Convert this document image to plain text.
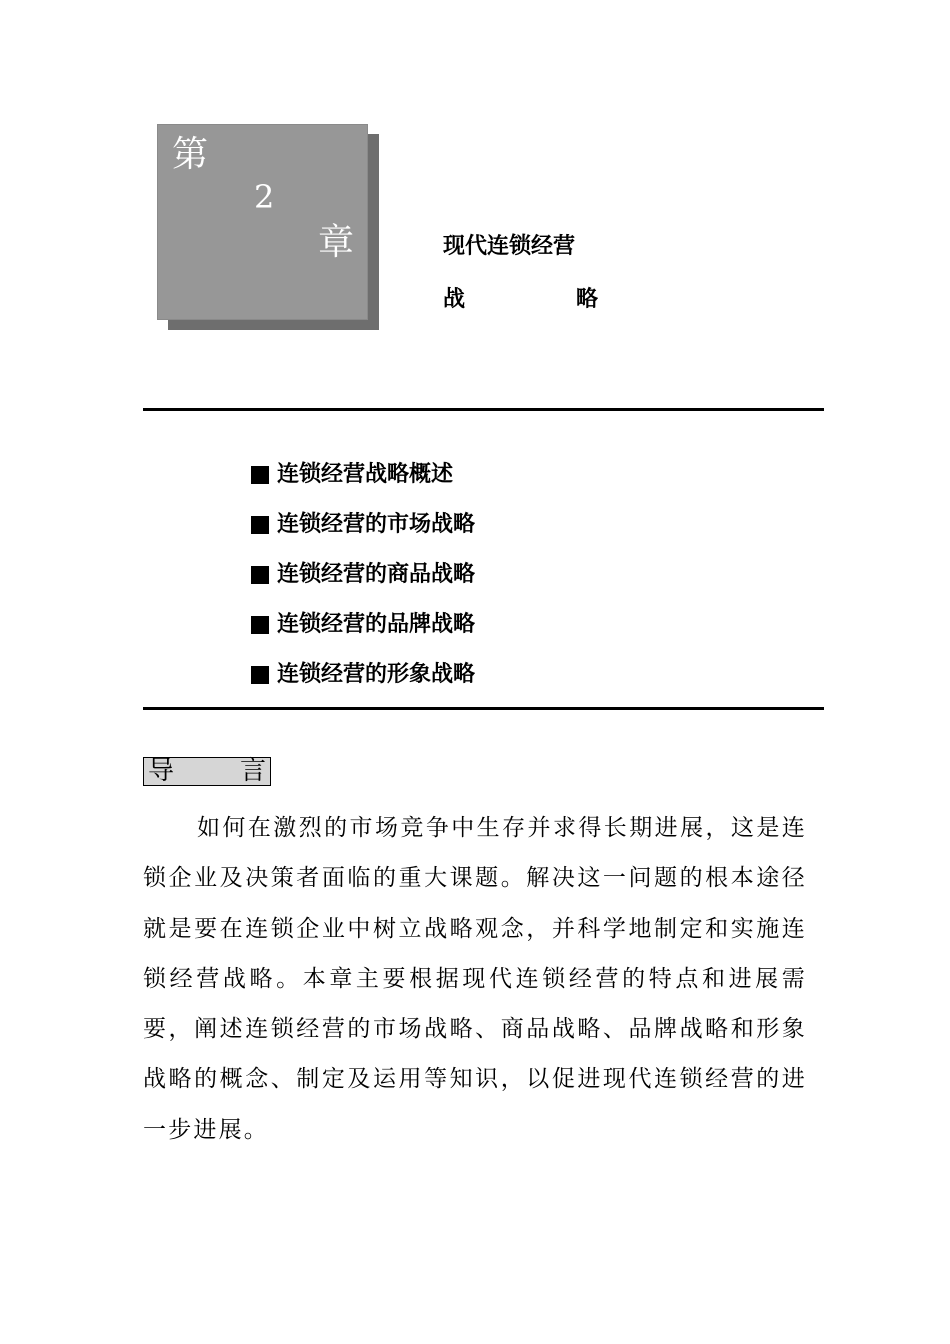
第
2
章	现代连锁经营
战	略
连锁经营战略概述
连锁经营的市场战略
连锁经营的商品战略
连锁经营的品牌战略
连锁经营的形象战略
导	言

如何在激烈的市场竞争中生存并求得长期进展，这是连锁企业及决策者面临的重大课题。解决这一问题的根本途径就是要在连锁企业中树立战略观念，并科学地制定和实施连锁经营战略。本章主要根据现代连锁经营的特点和进展需要，阐述连锁经营的市场战略、商品战略、品牌战略和形象战略的概念、制定及运用等知识，以促进现代连锁经营的进一步进展。
